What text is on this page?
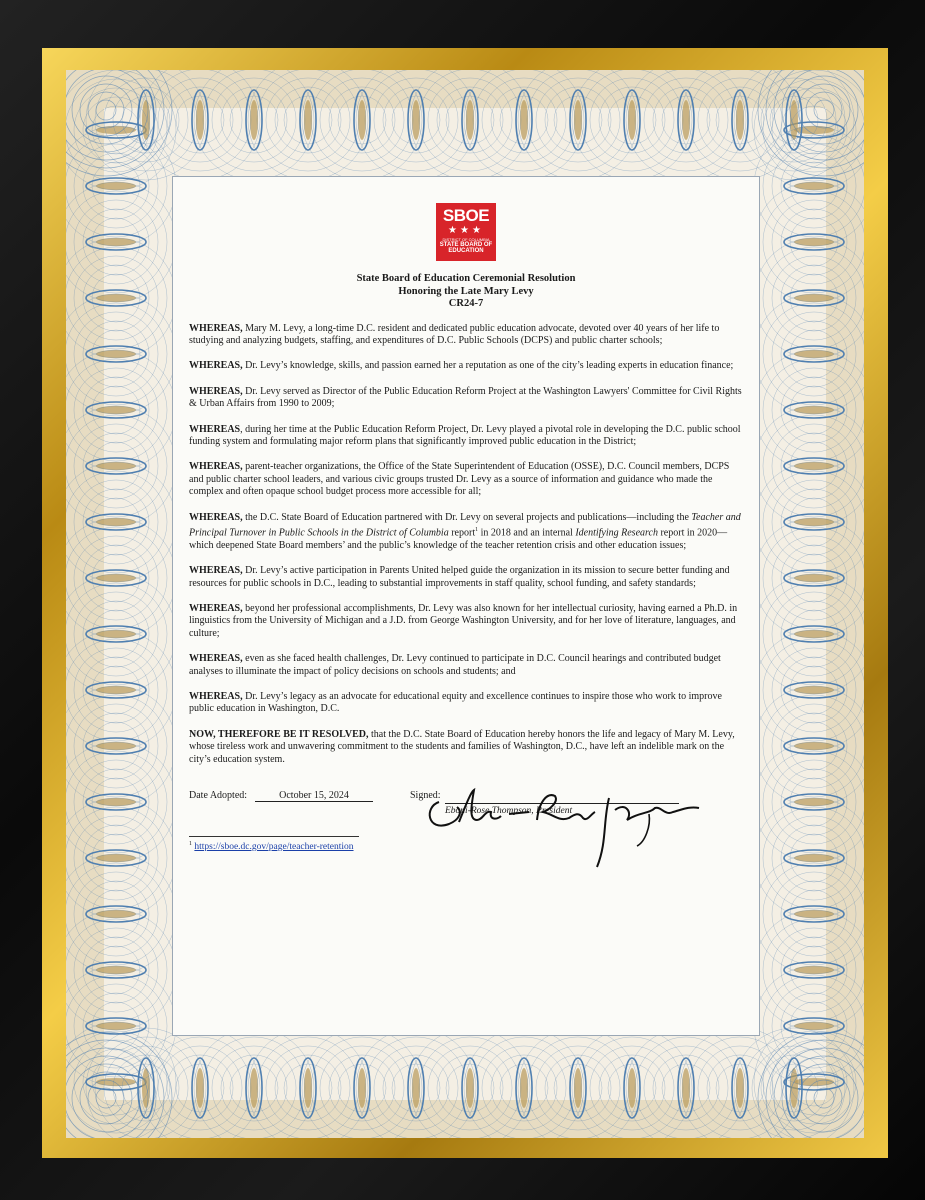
SBOE
★★★
DISTRICT OF COLUMBIA
STATE BOARD OF
EDUCATION
State Board of Education Ceremonial Resolution
Honoring the Late Mary Levy
CR24-7

WHEREAS, Mary M. Levy, a long-time D.C. resident and dedicated public education advocate, devoted over 40 years of her life to studying and analyzing budgets, staffing, and expenditures of D.C. Public Schools (DCPS) and public charter schools;

WHEREAS, Dr. Levy’s knowledge, skills, and passion earned her a reputation as one of the city’s leading experts in education finance;

WHEREAS, Dr. Levy served as Director of the Public Education Reform Project at the Washington Lawyers' Committee for Civil Rights & Urban Affairs from 1990 to 2009;

WHEREAS, during her time at the Public Education Reform Project, Dr. Levy played a pivotal role in developing the D.C. public school funding system and formulating major reform plans that significantly improved public education in the District;

WHEREAS, parent-teacher organizations, the Office of the State Superintendent of Education (OSSE), D.C. Council members, DCPS and public charter school leaders, and various civic groups trusted Dr. Levy as a source of information and guidance who made the complex and often opaque school budget process more accessible for all;

WHEREAS, the D.C. State Board of Education partnered with Dr. Levy on several projects and publications—including the Teacher and Principal Turnover in Public Schools in the District of Columbia report$^1$ in 2018 and an internal Identifying Research report in 2020—which deepened State Board members’ and the public’s knowledge of the teacher retention crisis and other education issues;

WHEREAS, Dr. Levy’s active participation in Parents United helped guide the organization in its mission to secure better funding and resources for public schools in D.C., leading to substantial improvements in staff quality, school funding, and safety standards;

WHEREAS, beyond her professional accomplishments, Dr. Levy was also known for her intellectual curiosity, having earned a Ph.D. in linguistics from the University of Michigan and a J.D. from George Washington University, and for her love of literature, languages, and culture;

WHEREAS, even as she faced health challenges, Dr. Levy continued to participate in D.C. Council hearings and contributed budget analyses to illuminate the impact of policy decisions on schools and students; and

WHEREAS, Dr. Levy’s legacy as an advocate for educational equity and excellence continues to inspire those who work to improve public education in Washington, D.C.

NOW, THEREFORE BE IT RESOLVED, that the D.C. State Board of Education hereby honors the life and legacy of Mary M. Levy, whose tireless work and unwavering commitment to the students and families of Washington, D.C., have left an indelible mark on the city’s education system.

Date Adopted:	October 15, 2024	Signed:
Eboni-Rose Thompson, President
$^1$ https://sboe.dc.gov/page/teacher-retention
